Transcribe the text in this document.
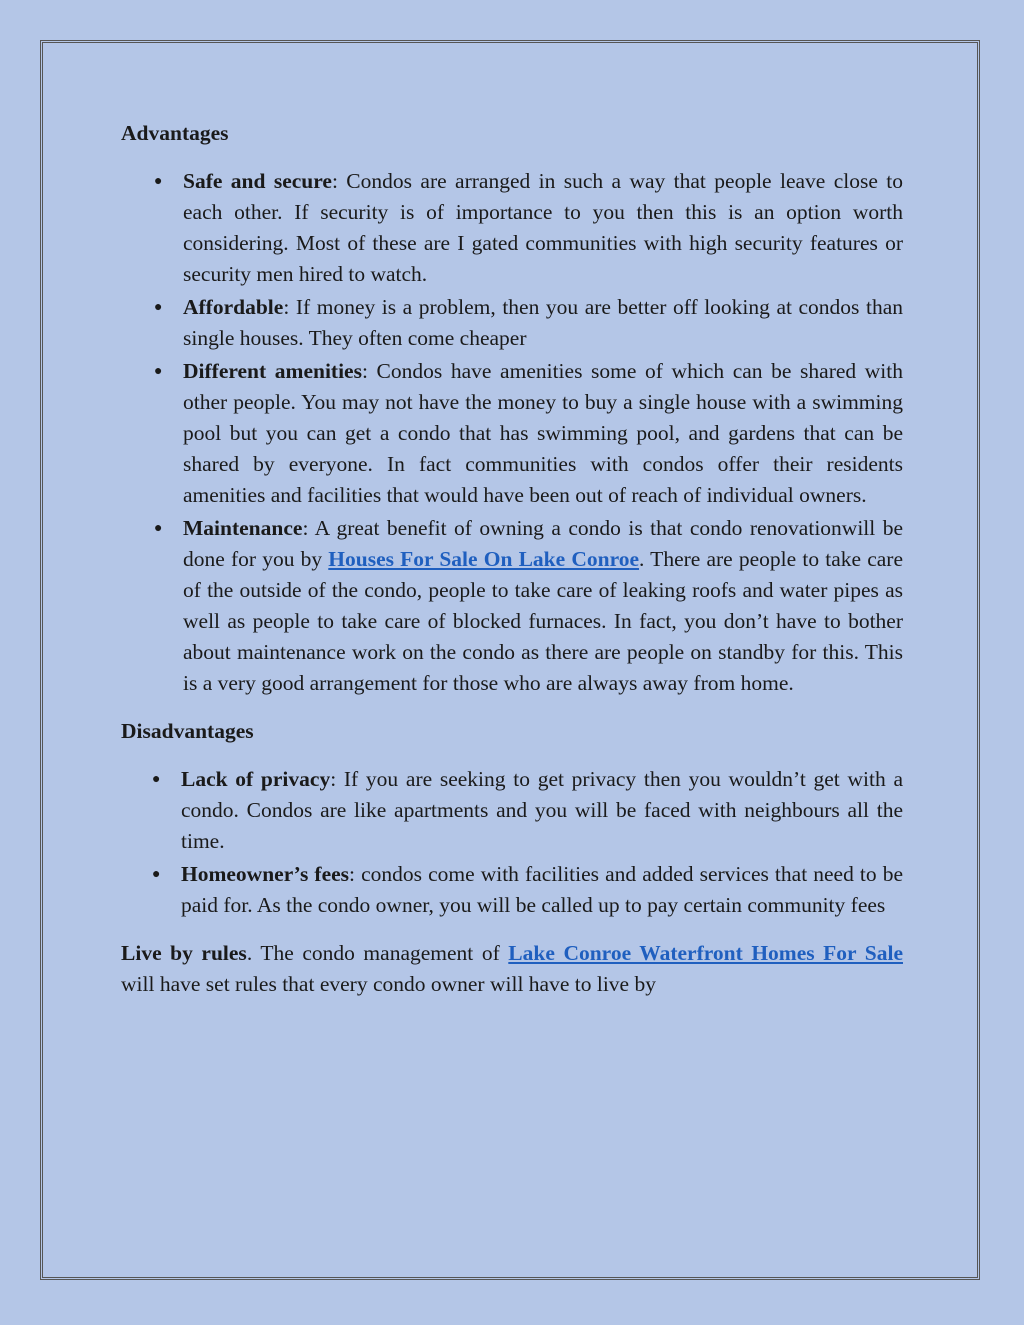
Advantages
● Safe and secure: Condos are arranged in such a way that people leave close to each other. If security is of importance to you then this is an option worth considering. Most of these are I gated communities with high security features or security men hired to watch.
● Affordable: If money is a problem, then you are better off looking at condos than single houses. They often come cheaper
● Different amenities: Condos have amenities some of which can be shared with other people. You may not have the money to buy a single house with a swimming pool but you can get a condo that has swimming pool, and gardens that can be shared by everyone. In fact communities with condos offer their residents amenities and facilities that would have been out of reach of individual owners.
● Maintenance: A great benefit of owning a condo is that condo renovationwill be done for you by Houses For Sale On Lake Conroe. There are people to take care of the outside of the condo, people to take care of leaking roofs and water pipes as well as people to take care of blocked furnaces. In fact, you don’t have to bother about maintenance work on the condo as there are people on standby for this. This is a very good arrangement for those who are always away from home.
Disadvantages
● Lack of privacy: If you are seeking to get privacy then you wouldn’t get with a condo. Condos are like apartments and you will be faced with neighbours all the time.
● Homeowner’s fees: condos come with facilities and added services that need to be paid for. As the condo owner, you will be called up to pay certain community fees

Live by rules. The condo management of Lake Conroe Waterfront Homes For Sale will have set rules that every condo owner will have to live by
